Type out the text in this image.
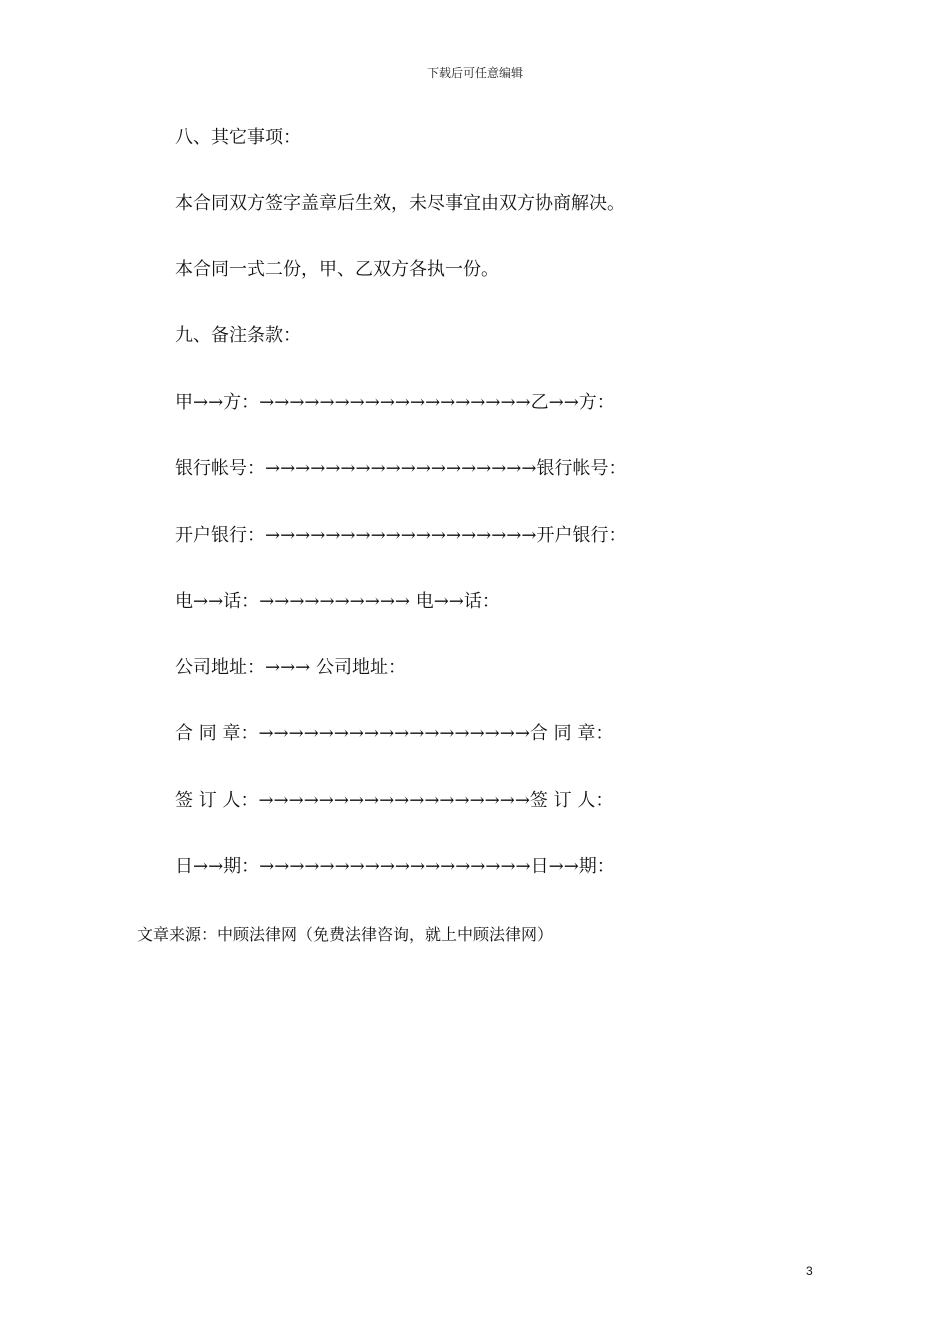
下载后可任意编辑
八、其它事项：
本合同双方签字盖章后生效，未尽事宜由双方协商解决。
本合同一式二份，甲、乙双方各执一份。
九、备注条款：
甲→→方：→→→→→→→→→→→→→→→→→→乙→→方：
银行帐号：→→→→→→→→→→→→→→→→→→银行帐号：
开户银行：→→→→→→→→→→→→→→→→→→开户银行：
电→→话：→→→→→→→→→→ 电→→话：
公司地址：→→→ 公司地址：
合 同 章：→→→→→→→→→→→→→→→→→→合 同 章：
签 订 人：→→→→→→→→→→→→→→→→→→签 订 人：
日→→期：→→→→→→→→→→→→→→→→→→日→→期：
文章来源：中顾法律网（免费法律咨询，就上中顾法律网）
3
